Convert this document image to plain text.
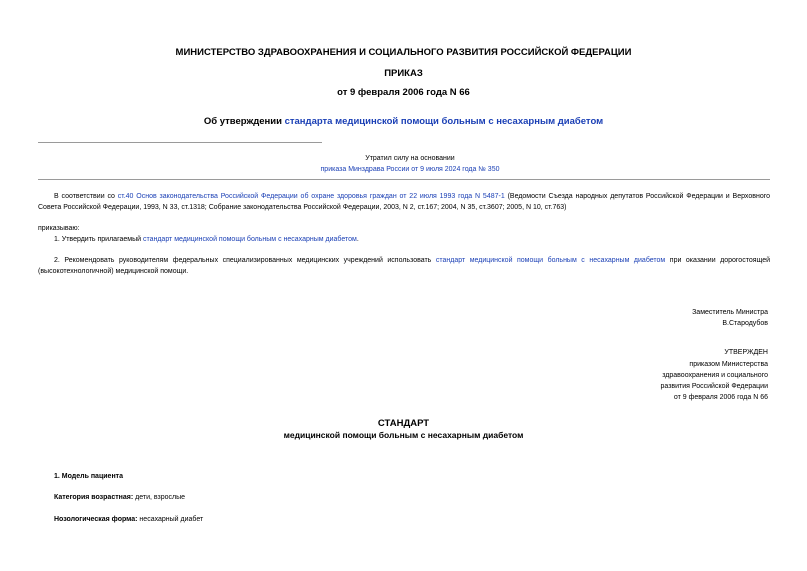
МИНИСТЕРСТВО ЗДРАВООХРАНЕНИЯ И СОЦИАЛЬНОГО РАЗВИТИЯ РОССИЙСКОЙ ФЕДЕРАЦИИ
ПРИКАЗ
от 9 февраля 2006 года N 66
Об утверждении стандарта медицинской помощи больным с несахарным диабетом
Утратил силу на основании
приказа Минздрава России от 9 июля 2024 года № 350
В соответствии со ст.40 Основ законодательства Российской Федерации об охране здоровья граждан от 22 июля 1993 года N 5487-1 (Ведомости Съезда народных депутатов Российской Федерации и Верховного Совета Российской Федерации, 1993, N 33, ст.1318; Собрание законодательства Российской Федерации, 2003, N 2, ст.167; 2004, N 35, ст.3607; 2005, N 10, ст.763)
приказываю:
1. Утвердить прилагаемый стандарт медицинской помощи больным с несахарным диабетом.
2. Рекомендовать руководителям федеральных специализированных медицинских учреждений использовать стандарт медицинской помощи больным с несахарным диабетом при оказании дорогостоящей (высокотехнологичной) медицинской помощи.
Заместитель Министра
В.Стародубов
УТВЕРЖДЕН
приказом Министерства
здравоохранения и социального
развития Российской Федерации
от 9 февраля 2006 года N 66
СТАНДАРТ
медицинской помощи больным с несахарным диабетом
1. Модель пациента
Категория возрастная: дети, взрослые
Нозологическая форма: несахарный диабет
